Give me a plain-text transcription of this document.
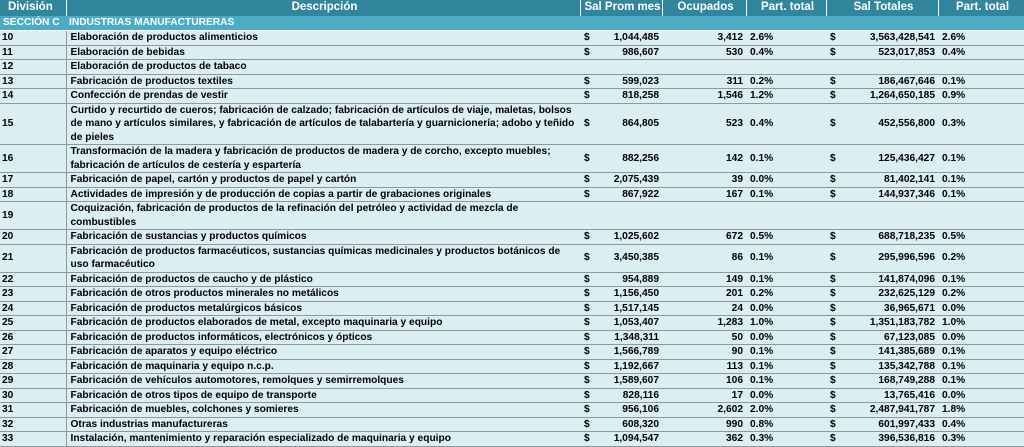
División	Descripción	Sal Prom mes		Ocupados	Part. total	Sal Totales		Part. total
SECCIÓN C	INDUSTRIAS MANUFACTURERAS							
10	Elaboración de productos alimenticios	$	1,044,485	3,412	2.6%	$	3,563,428,541	2.6%
11	Elaboración de bebidas	$	986,607	530	0.4%	$	523,017,853	0.4%
12	Elaboración de productos de tabaco							
13	Fabricación de productos textiles	$	599,023	311	0.2%	$	186,467,646	0.1%
14	Confección de prendas de vestir	$	818,258	1,546	1.2%	$	1,264,650,185	0.9%
15	Curtido y recurtido de cueros; fabricación de calzado; fabricación de artículos de viaje, maletas, bolsos de mano y artículos similares, y fabricación de artículos de talabartería y guarnicionería; adobo y teñido de pieles	$	864,805	523	0.4%	$	452,556,800	0.3%
16	Transformación de la madera y fabricación de productos de madera y de corcho, excepto muebles; fabricación de artículos de cestería y espartería	$	882,256	142	0.1%	$	125,436,427	0.1%
17	Fabricación de papel, cartón y productos de papel y cartón	$	2,075,439	39	0.0%	$	81,402,141	0.1%
18	Actividades de impresión y de producción de copias a partir de grabaciones originales	$	867,922	167	0.1%	$	144,937,346	0.1%
19	Coquización, fabricación de productos de la refinación del petróleo y actividad de mezcla de combustibles							
20	Fabricación de sustancias y productos químicos	$	1,025,602	672	0.5%	$	688,718,235	0.5%
21	Fabricación de productos farmacéuticos, sustancias químicas medicinales y productos botánicos de uso farmacéutico	$	3,450,385	86	0.1%	$	295,996,596	0.2%
22	Fabricación de productos de caucho y de plástico	$	954,889	149	0.1%	$	141,874,096	0.1%
23	Fabricación de otros productos minerales no metálicos	$	1,156,450	201	0.2%	$	232,625,129	0.2%
24	Fabricación de productos metalúrgicos básicos	$	1,517,145	24	0.0%	$	36,965,671	0.0%
25	Fabricación de productos elaborados de metal, excepto maquinaria y equipo	$	1,053,407	1,283	1.0%	$	1,351,183,782	1.0%
26	Fabricación de productos informáticos, electrónicos y ópticos	$	1,348,311	50	0.0%	$	67,123,085	0.0%
27	Fabricación de aparatos y equipo eléctrico	$	1,566,789	90	0.1%	$	141,385,689	0.1%
28	Fabricación de maquinaria y equipo n.c.p.	$	1,192,667	113	0.1%	$	135,342,788	0.1%
29	Fabricación de vehículos automotores, remolques y semirremolques	$	1,589,607	106	0.1%	$	168,749,288	0.1%
30	Fabricación de otros tipos de equipo de transporte	$	828,116	17	0.0%	$	13,765,416	0.0%
31	Fabricación de muebles, colchones y somieres	$	956,106	2,602	2.0%	$	2,487,941,787	1.8%
32	Otras industrias manufactureras	$	608,320	990	0.8%	$	601,997,433	0.4%
33	Instalación, mantenimiento y reparación especializado de maquinaria y equipo	$	1,094,547	362	0.3%	$	396,536,816	0.3%
